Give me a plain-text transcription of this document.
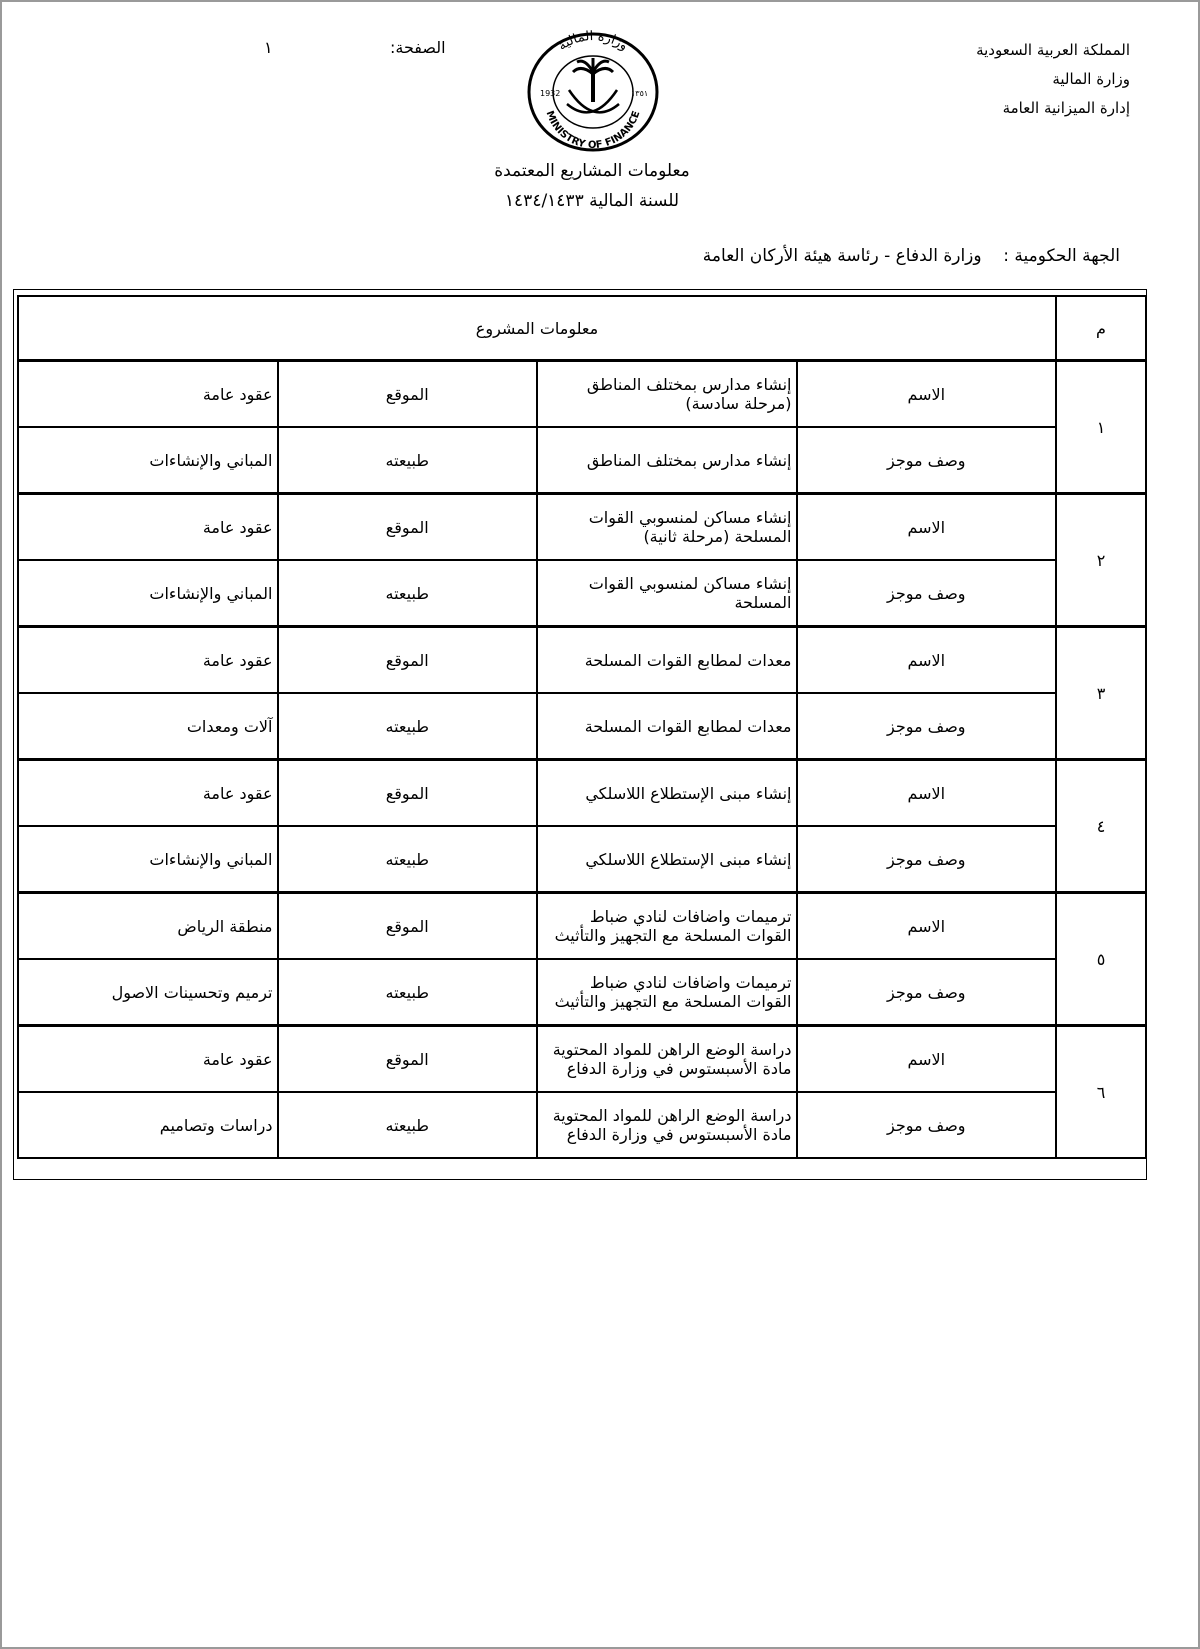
المملكة العربية السعودية
وزارة المالية
إدارة الميزانية العامة
الصفحة:
١	وزارة المالية
MINISTRY OF FINANCE
1932	١٣٥١
معلومات المشاريع المعتمدة
للسنة المالية ١٤٣٤/١٤٣٣
الجهة الحكومية :    وزارة الدفاع - رئاسة هيئة الأركان العامة
م	معلومات المشروع			
١	الاسم	إنشاء مدارس بمختلف المناطق (مرحلة سادسة)	الموقع	عقود عامة
	وصف موجز	إنشاء مدارس بمختلف المناطق	طبيعته	المباني والإنشاءات
٢	الاسم	إنشاء مساكن لمنسوبي القوات المسلحة (مرحلة ثانية)	الموقع	عقود عامة
	وصف موجز	إنشاء مساكن لمنسوبي القوات المسلحة	طبيعته	المباني والإنشاءات
٣	الاسم	معدات لمطابع القوات المسلحة	الموقع	عقود عامة
	وصف موجز	معدات لمطابع القوات المسلحة	طبيعته	آلات ومعدات
٤	الاسم	إنشاء مبنى الإستطلاع اللاسلكي	الموقع	عقود عامة
	وصف موجز	إنشاء مبنى الإستطلاع اللاسلكي	طبيعته	المباني والإنشاءات
٥	الاسم	ترميمات واضافات لنادي ضباط القوات المسلحة مع التجهيز والتأثيث	الموقع	منطقة الرياض
	وصف موجز	ترميمات واضافات لنادي ضباط القوات المسلحة مع التجهيز والتأثيث	طبيعته	ترميم وتحسينات الاصول
٦	الاسم	دراسة الوضع الراهن للمواد المحتوية مادة الأسبستوس في وزارة الدفاع	الموقع	عقود عامة
	وصف موجز	دراسة الوضع الراهن للمواد المحتوية مادة الأسبستوس في وزارة الدفاع	طبيعته	دراسات وتصاميم
